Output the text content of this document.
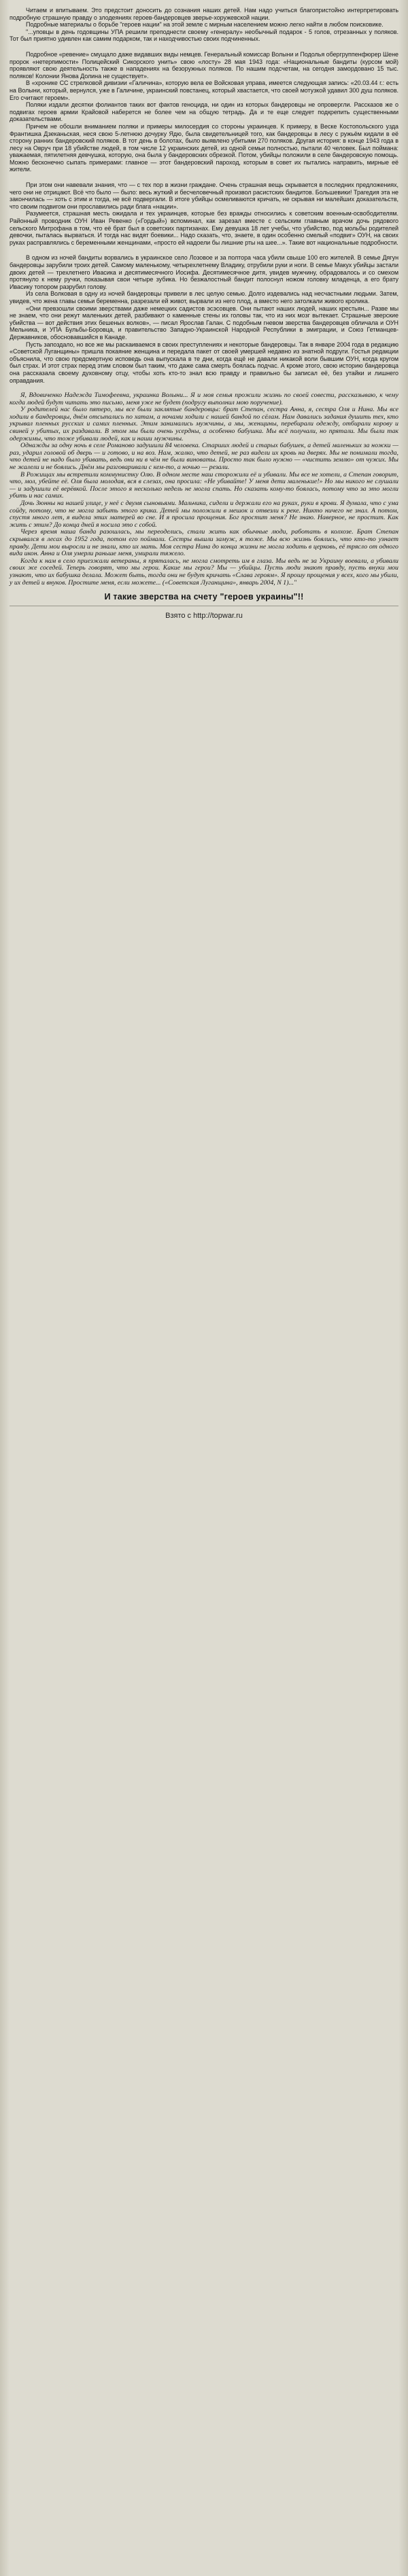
Читаем и впитываем. Это предстоит доносить до сознания наших детей. Нам надо учиться благопристойно интерпретировать подробную страшную правду о злодеяниях героев-бандеровцев зверье-хоружевской нации.

Подробные материалы о борьбе "героев нации" на этой земле с мирным населением можно легко найти в любом поисковике.

"...уповцы в день годовщины УПА решили преподнести своему «генералу» необычный подарок - 5 голов, отрезанных у поляков. Тот был приятно удивлен как самим подарком, так и находчивостью своих подчиненных.

Подробное «ревение» смущало даже видавших виды немцев. Генеральный комиссар Волыни и Подолья обергруппенфюрер Шене пророк «нетерпимости» Полицейский Сикорского унить» свою «лосту» 28 мая 1943 года: «Национальные бандиты (курсом мой) проявляют свою деятельность также в нападениях на безоружных поляков. По нашим подсчетам, на сегодня замордовано 15 тыс. поляков! Колонии Янова Долина не существует».

В «хронике СС стрелковой дивизии «Галичина», которую вела ее Войсковая управа, имеется следующая запись: «20.03.44 г.: есть на Волыни, который, вернулся, уже в Галичине, украинский повстанец, который хвастается, что своей мотузкой удавил 300 душ поляков. Его считают героем».

Поляки издали десятки фолиантов таких вот фактов геноцида, ни один из которых бандеровцы не опровергли. Рассказов же о подвигах героев армии Крайовой наберется не более чем на общую тетрадь. Да и те еще следует подкрепить существенными доказательствами.

Причем не обошли вниманием поляки и примеры милосердия со стороны украинцев. К примеру, в Веске Костопольского узда Франтишка Дзеканьская, неся свою 5-летнюю дочурку Ядю, была свидетельницей того, как бандеровцы в лесу с ружьём кидали в её сторону ранних бандеровский поляков. В тот день в болотах, было выявлено убитыми 270 поляков. Другая история: в конце 1943 года в лесу на Овруч при 18 убийстве людей, в том числе 12 украинских детей, из одной семьи полностью, пытали 40 человек. Был поймана: уважаемая, пятилетняя девчушка, которую, она была у бандеровских обрезкой. Потом, убийцы положили в селе бандеровскую помощь. Можно бесконечно сыпать примерами: главное — этот бандеровский пароход, которым в совет их пытались направить, мирные её жители.

При этом они навевали знания, что — с тех пор в жизни граждане. Очень страшная вещь скрывается в последних предложениях, чего они не отрицают. Всё что было — было: весь жуткий и бесчеловечный произвол расистских бандитов. Большевики! Трагедия эта не закончилась — хоть с этим и тогда, не всё подвергали. В итоге убийцы осмеливаются кричать, не скрывая ни малейших доказательств, что своим подвигом они прославились ради блага «нации».

Разумеется, страшная месть ожидала и тех украинцев, которые без вражды относились к советским военным-освободителям. Районный проводник ОУН Иван Ревенко («Гордый») вспоминал, как зарезал вместе с сельским главным врачом дочь рядового сельского Митрофана в том, что её брат был в советских партизанах. Ему девушка 18 лет учебы, что убийство, под мольбы родителей девочки, пыталась вырваться. И тогда нас видят боевики... Надо сказать, что, знаете, в один особенно смелый «подвиг» ОУН, на своих руках расправлялись с беременными женщинами, «просто ей надоели бы лишние рты на шее...». Такие вот национальные подробности.

В одном из ночей бандиты ворвались в украинское село Лозовое и за полтора часа убили свыше 100 его жителей. В семье Дягун бандеровцы зарубили троих детей. Самому маленькому, четырехлетнему Владику, отрубили руки и ноги. В семье Макух убийцы застали двоих детей — трехлетнего Ивасика и десятимесячного Иосифа. Десятимесячное дитя, увидев мужчину, обрадовалось и со смехом протянуло к нему ручки, показывая свои четыре зубика. Но безжалостный бандит полоснул ножом головку младенца, а его брату Ивасику топором разрубил голову.

Из села Волковая в одну из ночей бандеровцы привели в лес целую семью. Долго издевались над несчастными людьми. Затем, увидев, что жена главы семьи беременна, разрезали ей живот, вырвали из него плод, а вместо него затолкали живого кролика.

«Они превзошли своими зверствами даже немецких садистов эсэсовцев. Они пытают наших людей, наших крестьян... Разве мы не знаем, что они режут маленьких детей, разбивают о каменные стены их головы так, что из них мозг вытекает. Страшные зверские убийства — вот действия этих бешеных волков», — писал Ярослав Галан. С подобным гневом зверства бандеровцев обличала и ОУН Мельника, и УПА Бульбы-Боровца, и правительство Западно-Украинской Народной Республики в эмиграции, и Союз Гетманцев-Державников, обосновавшийся в Канаде.

Пусть запоздало, но все же мы раскаиваемся в своих преступлениях и некоторые бандеровцы. Так в январе 2004 года в редакцию «Советской Луганщины» пришла покаяние женщина и передала пакет от своей умершей недавно из знатной подруги. Гостья редакции объяснила, что свою предсмертную исповедь она выпускала в те дни, когда ещё не давали никакой воли бывшим ОУН, когда кругом был страх. И этот страх перед этим словом был таким, что даже сама смерть боялась подчас. А кроме этого, свою историю бандеровца она рассказала своему духовному отцу, чтобы хоть кто-то знал всю правду и правильно бы записал её, без утайки и лишнего оправдания.

Я, Вдовиченко Надежда Тимофеевна, украинка Волыни... Я и моя семья прожили жизнь по своей совести, рассказываю, к чему когда людей будут читать это письмо, меня уже не будет (подругу выполнил мою поручение).

У родителей нас было пятеро, мы все были заклятые бандеровцы: брат Степан, сестра Анна, я, сестра Оля и Нина. Мы все ходили в бандеровцы, днём отсыпались по хатам, а ночами ходили с нашей бандой по сёлам. Нам давались задания душить тех, кто укрывал пленных русских и самих пленных. Этим занимались мужчины, а мы, женщины, перебирали одежду, отбирали корову и свиней у убитых, их раздавали. В этом мы были очень усердны, а особенно бабушка. Мы всё получали, но прятали. Мы были так одержимы, что тоже убивали людей, как и наши мужчины.

Однажды за одну ночь в селе Романово задушили 84 человека. Старших людей и старых бабушек, а детей маленьких за ножки — раз, ударил головой об дверь — и готово, и на воз. Нам, жалко, что детей, не раз видели их кровь на дверях. Мы не понимали тогда, что детей не надо было убивать, ведь они ни в чём не были виноваты. Просто так было нужно — «чистить землю» от чужих. Мы не жалели и не боялись. Днём мы разговаривали с кем-то, а ночью — резали.

В Рожищах мы встретили коммунистку Олю. В одном месте наш сторожили её и убивали. Мы все не хотели, а Степан говорит, что, мол, убейте её. Оля была молодая, вся в слезах, она просила: «Не убивайте! У меня дети маленькие!» Но мы никого не слушали — и задушили её верёвкой. После этого я несколько недель не могла спать. Но сказать кому-то боялась, потому что за это могли убить и нас самих.

Дочь Зюнны на нашей улице, у неё с двумя сыновьями. Мальчика, сидели и держали его на руках, руки в крови. Я думала, что с ума сойду, потому, что не могла забыть этого крика. Детей мы положили в мешок и отвезли к реке. Никто ничего не знал. А потом, спустя много лет, я видела этих матерей во сне. И я просила прощения. Бог простит меня? Не знаю. Наверное, не простит. Как жить с этим? До конца дней я носила это с собой.

Через время наша банда разошлась, мы переоделись, стали жить как обычные люди, работать в колхозе. Брат Степан скрывался в лесах до 1952 года, потом его поймали. Сестры вышли замуж, я тоже. Мы всю жизнь боялись, что кто-то узнает правду. Дети мои выросли и не знали, кто их мать. Моя сестра Нина до конца жизни не могла ходить в церковь, её трясло от одного вида икон. Анна и Оля умерли раньше меня, умирали тяжело.

Когда к нам в село приезжали ветераны, я пряталась, не могла смотреть им в глаза. Мы ведь не за Украину воевали, а убивали своих же соседей. Теперь говорят, что мы герои. Какие мы герои? Мы — убийцы. Пусть люди знают правду, пусть внуки мои узнают, что их бабушка делала. Может быть, тогда они не будут кричать «Слава героям». Я прошу прощения у всех, кого мы убили, у их детей и внуков. Простите меня, если можете... («Советская Луганщина», январь 2004, N 1)..."

И такие зверства на счету "героев украины"!!
Взято с http://topwar.ru
